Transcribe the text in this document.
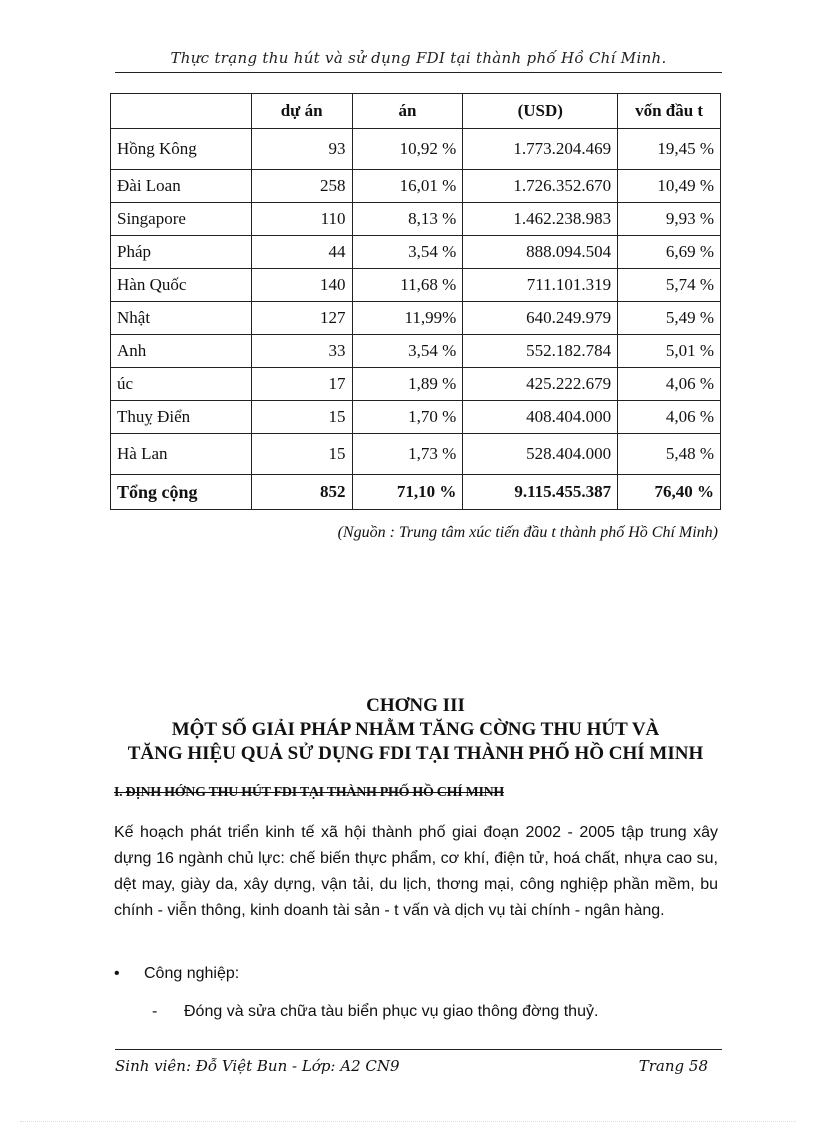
Thực trạng thu hút và sử dụng FDI tại thành phố Hồ Chí Minh.
	dự án	án	(USD)	vốn đầu t
Hồng Kông	93	10,92 %	1.773.204.469	19,45 %
Đài Loan	258	16,01 %	1.726.352.670	10,49 %
Singapore	110	8,13 %	1.462.238.983	9,93 %
Pháp	44	3,54 %	888.094.504	6,69 %
Hàn Quốc	140	11,68 %	711.101.319	5,74 %
Nhật	127	11,99%	640.249.979	5,49 %
Anh	33	3,54 %	552.182.784	5,01 %
úc	17	1,89 %	425.222.679	4,06 %
Thuỵ Điển	15	1,70 %	408.404.000	4,06 %
Hà Lan	15	1,73 %	528.404.000	5,48 %
Tổng cộng	852	71,10 %	9.115.455.387	76,40 %
(Nguồn : Trung tâm xúc tiến đầu t thành phố Hồ Chí Minh)
CHƠNG III
MỘT SỐ GIẢI PHÁP NHẰM TĂNG CỜNG THU HÚT VÀ
TĂNG HIỆU QUẢ SỬ DỤNG FDI TẠI THÀNH PHỐ HỒ CHÍ MINH
I. ĐỊNH HỚNG THU HÚT FDI TẠI THÀNH PHỐ HỒ CHÍ MINH
Kế hoạch phát triển kinh tế xã hội thành phố giai đoạn 2002 - 2005 tập trung xây dựng 16 ngành chủ lực: chế biến thực phẩm, cơ khí, điện tử, hoá chất, nhựa cao su, dệt may, giày da, xây dựng, vận tải, du lịch, thơng mại, công nghiệp phần mềm, bu chính - viễn thông, kinh doanh tài sản - t vấn và dịch vụ tài chính - ngân hàng.
• Công nghiệp:
- Đóng và sửa chữa tàu biển phục vụ giao thông đờng thuỷ.
Sinh viên: Đỗ Việt Bun - Lớp: A2 CN9	Trang 58
